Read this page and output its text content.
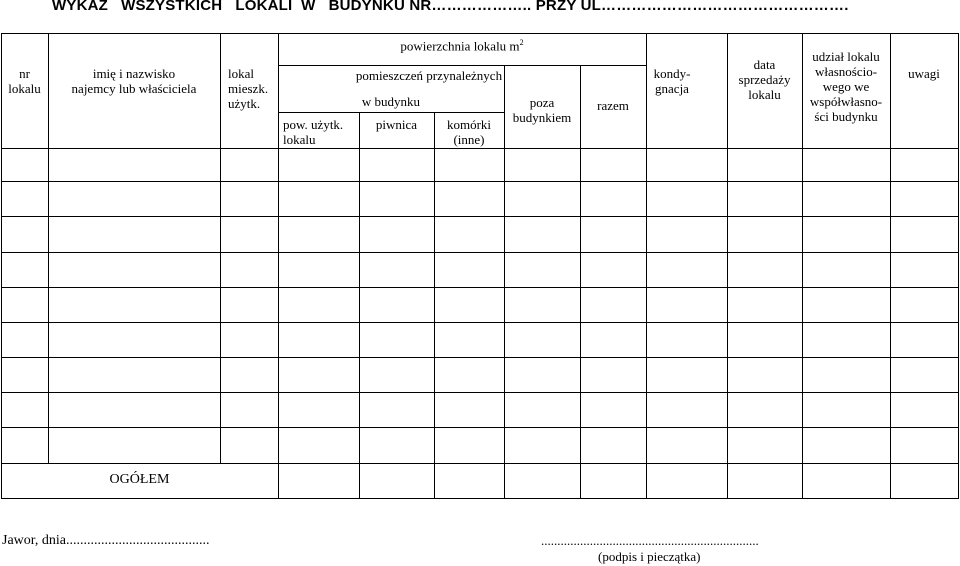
WYKAZ   WSZYSTKICH   LOKALI  W   BUDYNKU NR……………….. PRZY UL………………………………………….
nr
lokalu
imię i nazwisko
najemcy lub właściciela
lokal
mieszk.
użytk.
powierzchnia lokalu $m^2$
pomieszczeń przynależnych
w budynku
pow. użytk.
lokalu
piwnica	komórki
(inne)
poza
budynkiem
razem
kondy-
gnacja
data
sprzedaży
lokalu
udział lokalu
własnościo-
wego we
współwłasno-
ści budynku
uwagi
OGÓŁEM
Jawor, dnia.........................................	...................................................................
(podpis i pieczątka)
